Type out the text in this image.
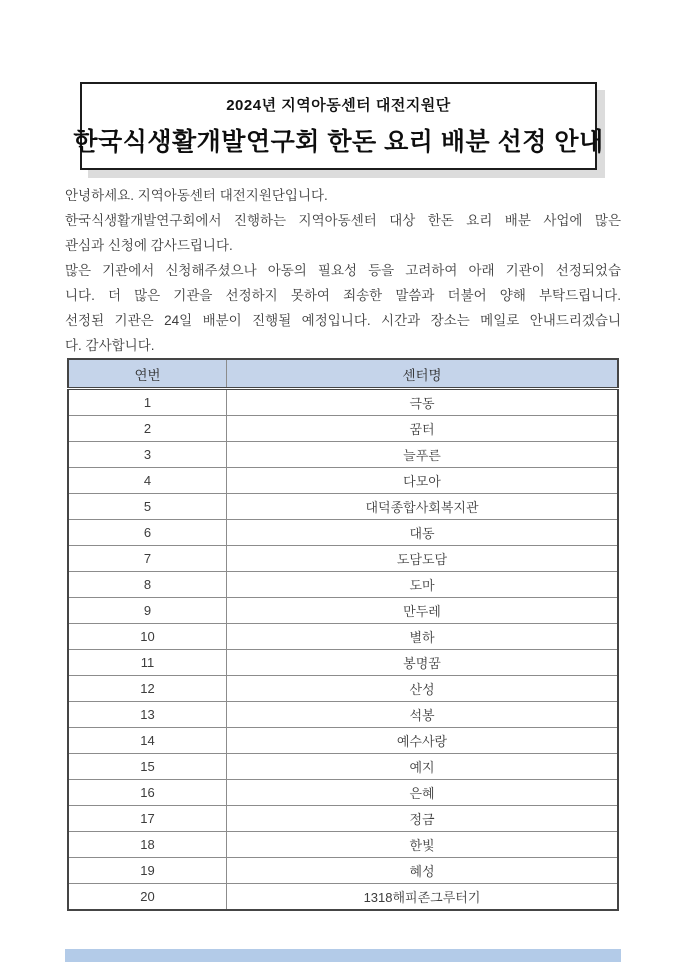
2024년 지역아동센터 대전지원단
한국식생활개발연구회 한돈 요리 배분 선정 안내
안녕하세요. 지역아동센터 대전지원단입니다.
한국식생활개발연구회에서 진행하는 지역아동센터 대상 한돈 요리 배분 사업에 많은
관심과 신청에 감사드립니다.
많은 기관에서 신청해주셨으나 아동의 필요성 등을 고려하여 아래 기관이 선정되었습
니다. 더 많은 기관을 선정하지 못하여 죄송한 말씀과 더불어 양해 부탁드립니다.
선정된 기관은 24일 배분이 진행될 예정입니다. 시간과 장소는 메일로 안내드리겠습니
다. 감사합니다.
연번	센터명
1	극동
2	꿈터
3	늘푸른
4	다모아
5	대덕종합사회복지관
6	대동
7	도담도담
8	도마
9	만두레
10	별하
11	봉명꿈
12	산성
13	석봉
14	예수사랑
15	예지
16	은혜
17	정금
18	한빛
19	혜성
20	1318해피존그루터기
